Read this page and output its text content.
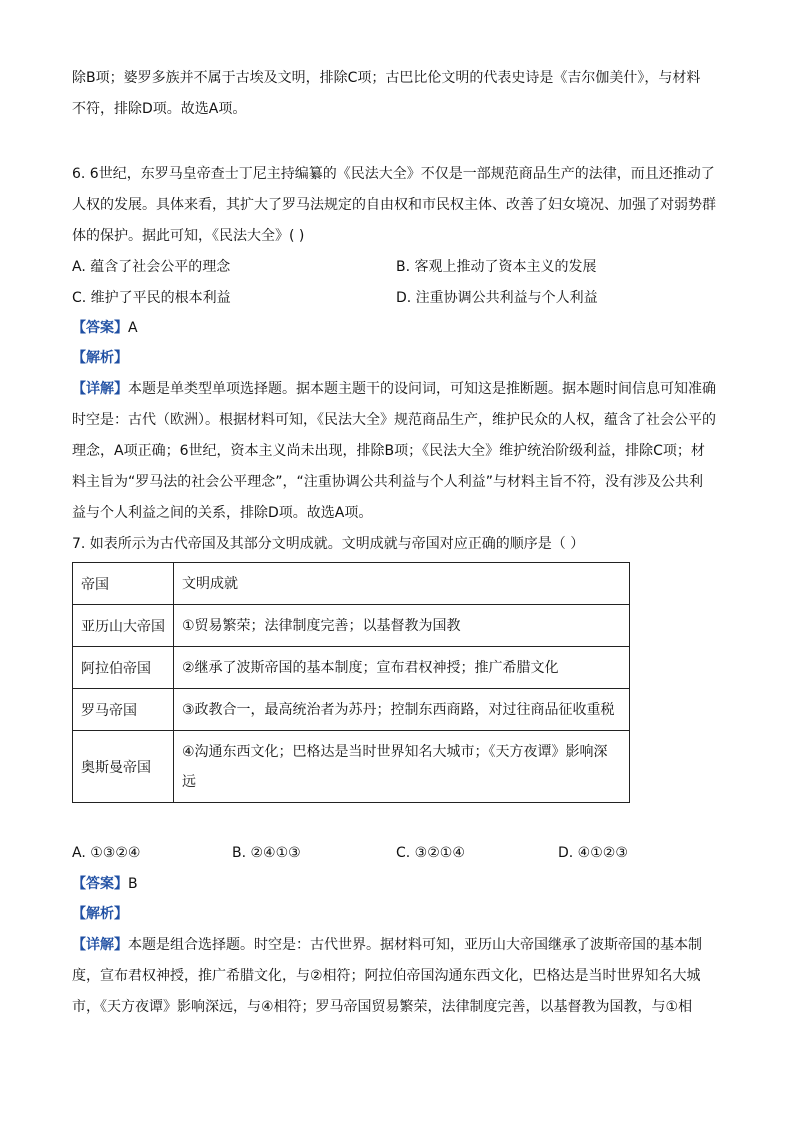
除B项；婆罗多族并不属于古埃及文明，排除C项；古巴比伦文明的代表史诗是《吉尔伽美什》，与材料
不符，排除D项。故选A项。
6. 6世纪，东罗马皇帝查士丁尼主持编纂的《民法大全》不仅是一部规范商品生产的法律，而且还推动了
人权的发展。具体来看，其扩大了罗马法规定的自由权和市民权主体、改善了妇女境况、加强了对弱势群
体的保护。据此可知，《民法大全》( )
A. 蕴含了社会公平的理念	B. 客观上推动了资本主义的发展
C. 维护了平民的根本利益	D. 注重协调公共利益与个人利益
【答案】A
【解析】
【详解】本题是单类型单项选择题。据本题主题干的设问词，可知这是推断题。据本题时间信息可知准确
时空是：古代（欧洲）。根据材料可知，《民法大全》规范商品生产，维护民众的人权，蕴含了社会公平的
理念，A项正确；6世纪，资本主义尚未出现，排除B项；《民法大全》维护统治阶级利益，排除C项；材
料主旨为“罗马法的社会公平理念”，“注重协调公共利益与个人利益”与材料主旨不符，没有涉及公共利
益与个人利益之间的关系，排除D项。故选A项。
7. 如表所示为古代帝国及其部分文明成就。文明成就与帝国对应正确的顺序是（ ）
帝国	文明成就
亚历山大帝国	①贸易繁荣；法律制度完善；以基督教为国教
阿拉伯帝国	②继承了波斯帝国的基本制度；宣布君权神授；推广希腊文化
罗马帝国	③政教合一，最高统治者为苏丹；控制东西商路，对过往商品征收重税
奥斯曼帝国	④沟通东西文化；巴格达是当时世界知名大城市；《天方夜谭》影响深远
A. ①③②④	B. ②④①③	C. ③②①④	D. ④①②③
【答案】B
【解析】
【详解】本题是组合选择题。时空是：古代世界。据材料可知，亚历山大帝国继承了波斯帝国的基本制
度，宣布君权神授，推广希腊文化，与②相符；阿拉伯帝国沟通东西文化，巴格达是当时世界知名大城
市，《天方夜谭》影响深远，与④相符；罗马帝国贸易繁荣，法律制度完善，以基督教为国教，与①相
